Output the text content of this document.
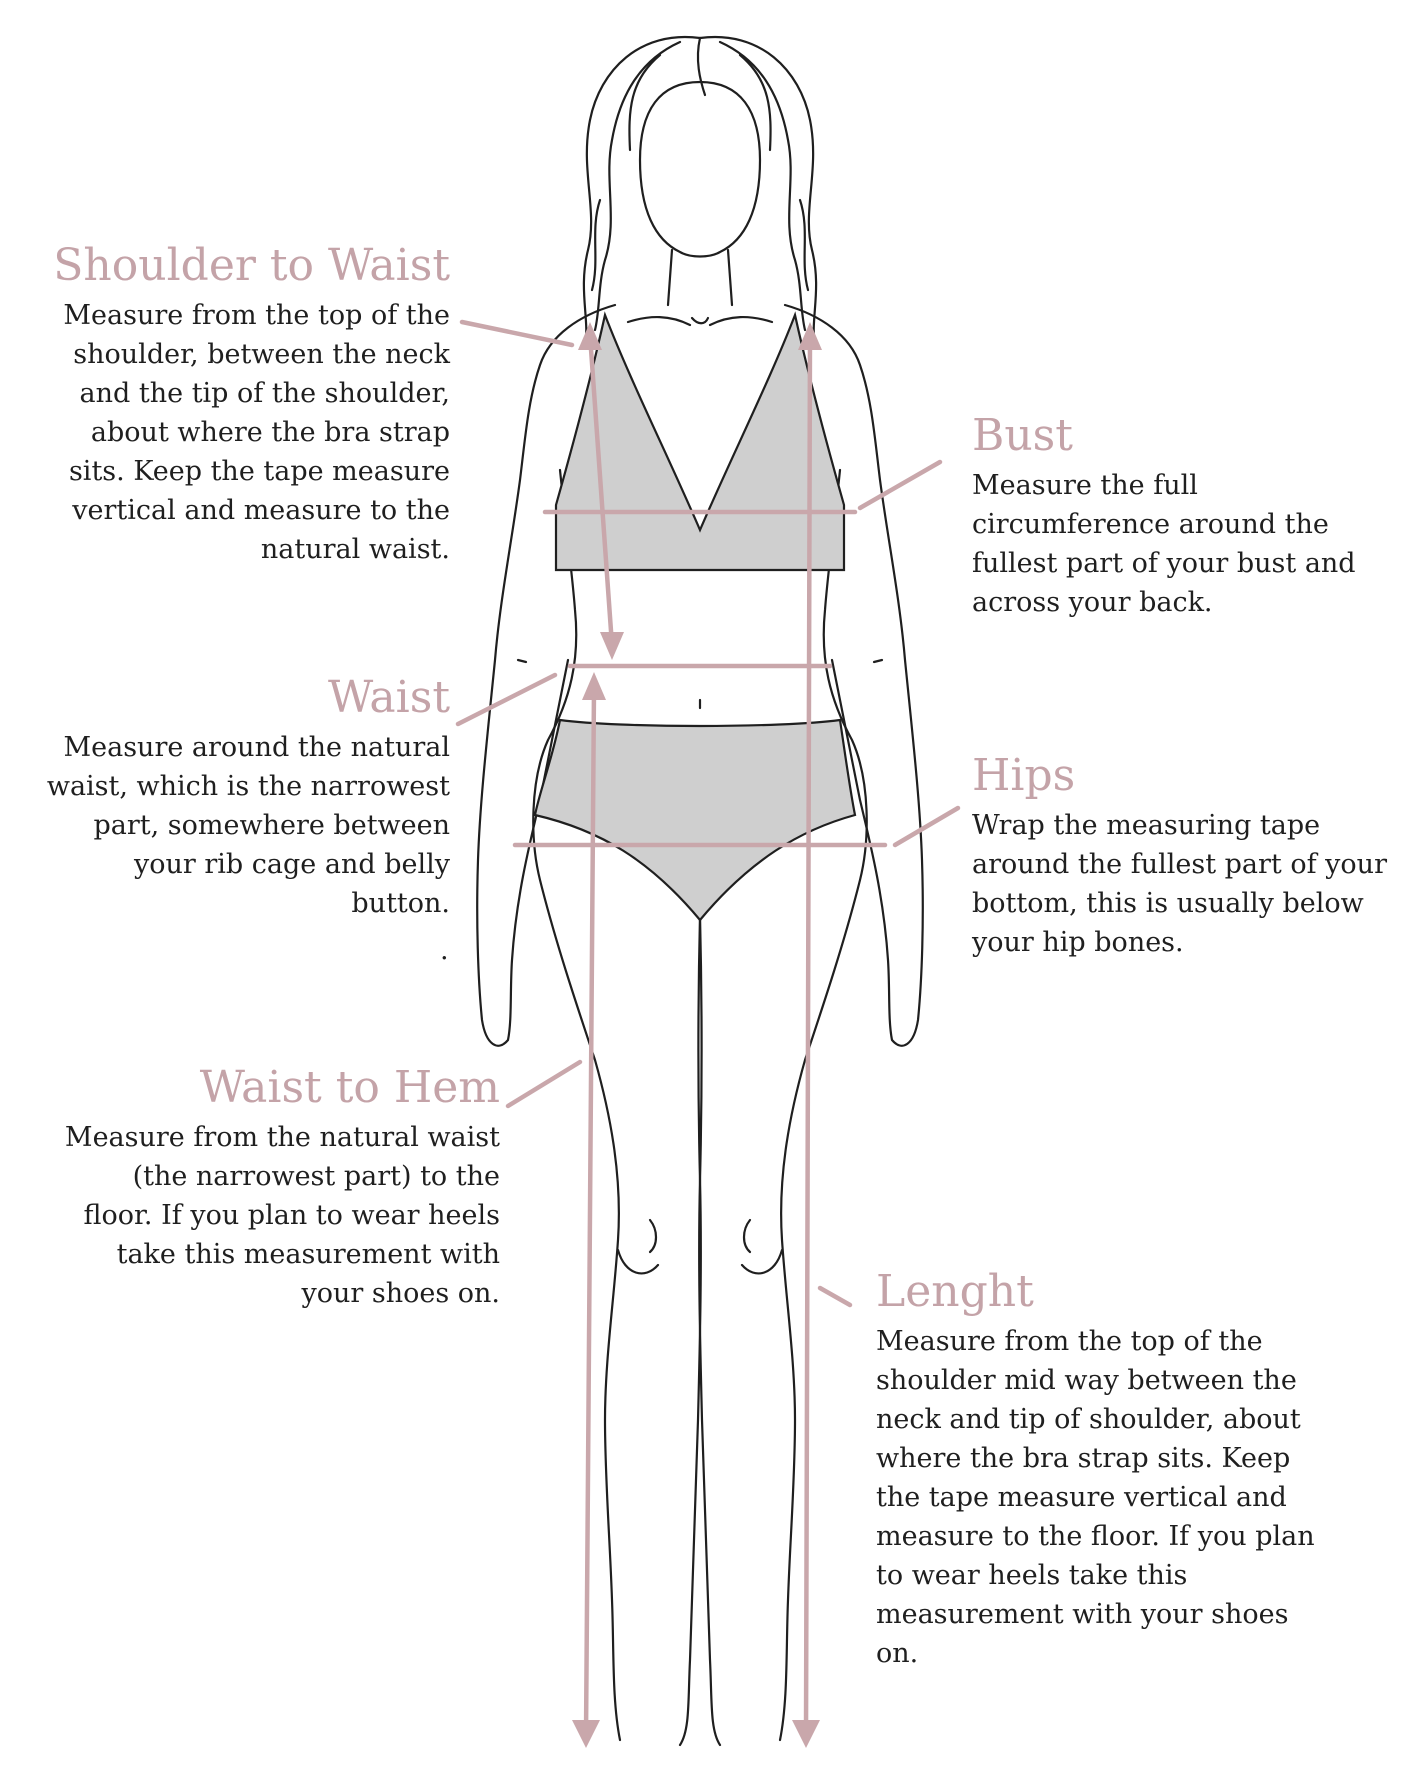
Shoulder to Waist

Measure from the top of the shoulder, between the neck and the tip of the shoulder, about where the bra strap sits. Keep the tape measure vertical and measure to the natural waist.

Bust

Measure the full circumference around the fullest part of your bust and across your back.

Waist

Measure around the natural waist, which is the narrowest part, somewhere between your rib cage and belly button.

.

Hips

Wrap the measuring tape around the fullest part of your bottom, this is usually below your hip bones.

Waist to Hem

Measure from the natural waist (the narrowest part) to the floor. If you plan to wear heels take this measurement with your shoes on.	Lenght

Measure from the top of the shoulder mid way between the neck and tip of shoulder, about where the bra strap sits. Keep the tape measure vertical and measure to the floor. If you plan to wear heels take this measurement with your shoes on.
